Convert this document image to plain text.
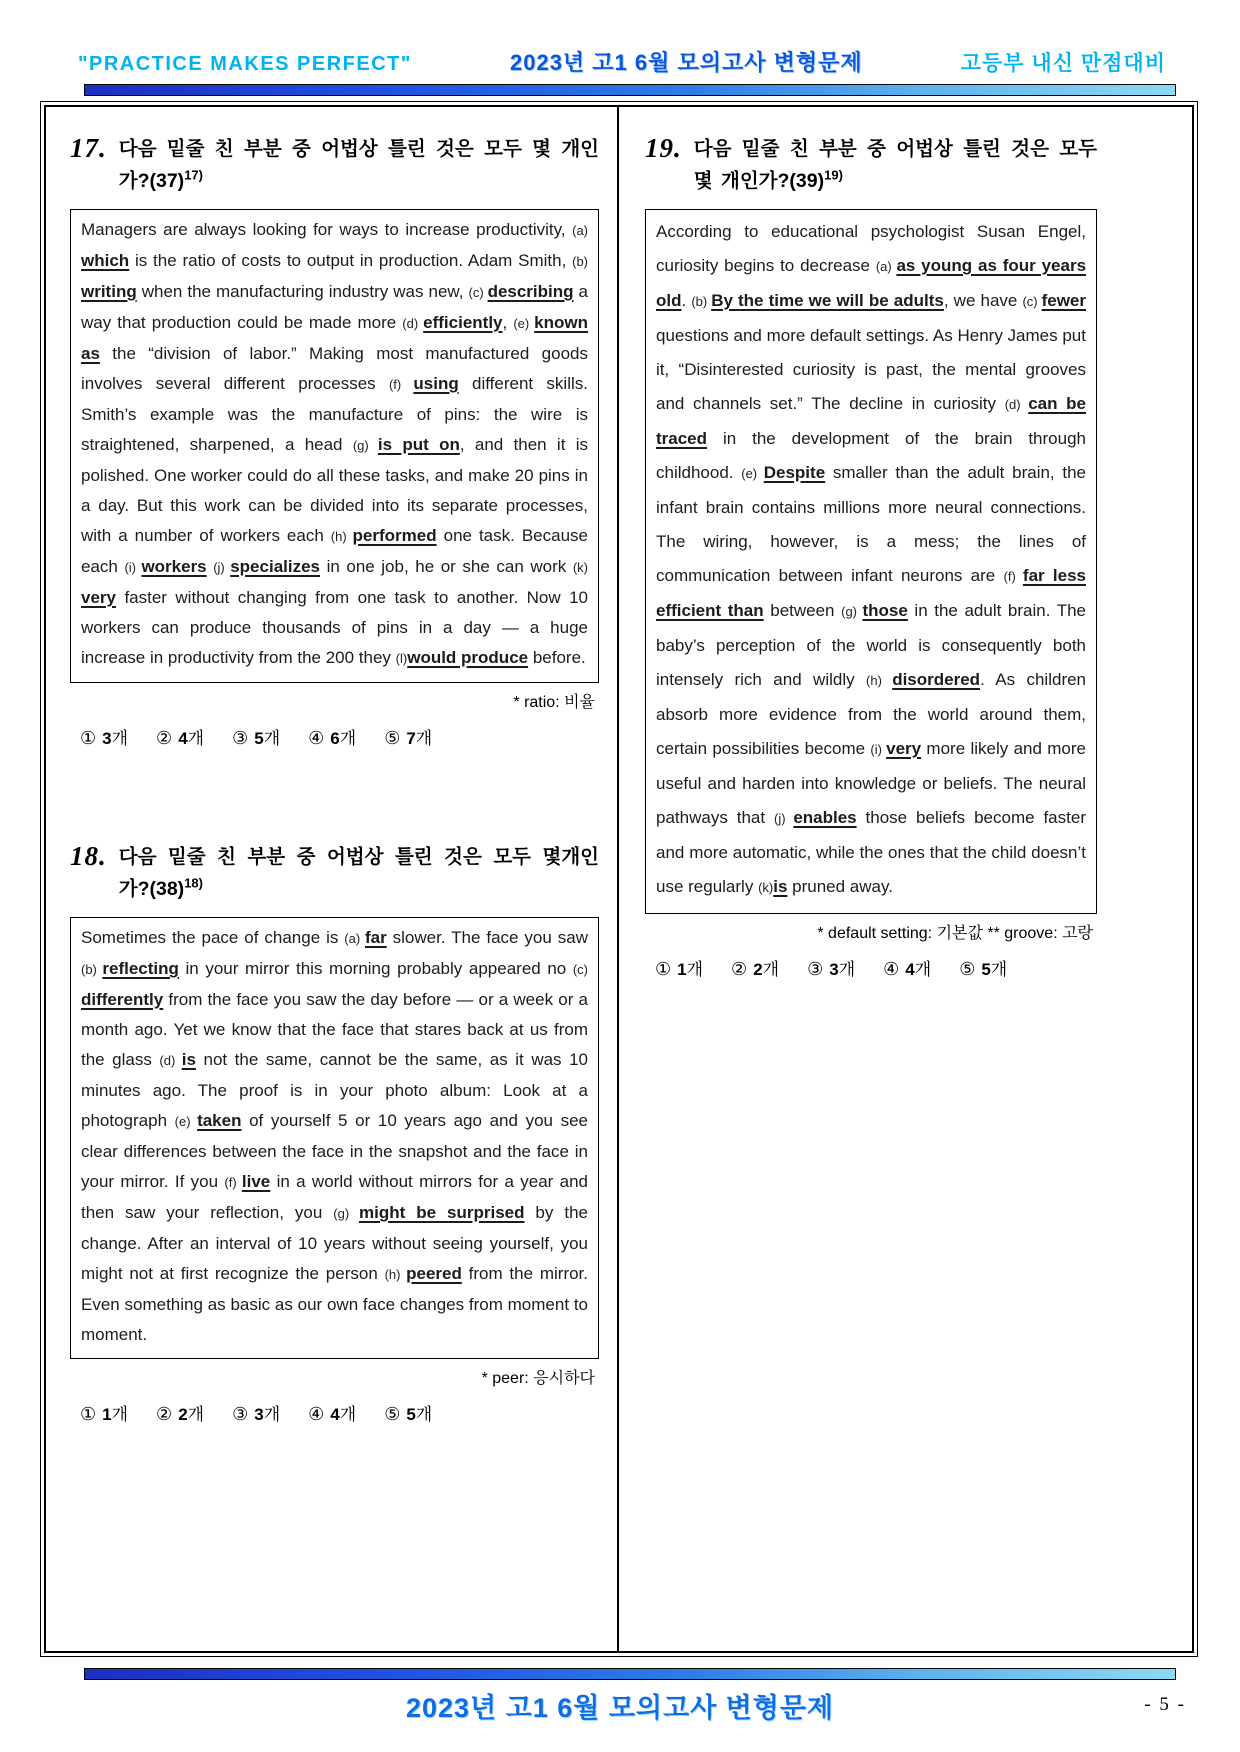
"PRACTICE MAKES PERFECT"	2023년 고1 6월 모의고사 변형문제	고등부 내신 만점대비
17. 다음 밑줄 친 부분 중 어법상 틀린 것은 모두 몇 개인가$?(37)^{17)}$
Managers are always looking for ways to increase productivity, (a) which is the ratio of costs to output in production. Adam Smith, (b) writing when the manufacturing industry was new, (c) describing a way that production could be made more (d) efficiently, (e) known as the “division of labor.” Making most manufactured goods involves several different processes (f) using different skills. Smith’s example was the manufacture of pins: the wire is straightened, sharpened, a head (g) is put on, and then it is polished. One worker could do all these tasks, and make 20 pins in a day. But this work can be divided into its separate processes, with a number of workers each (h) performed one task. Because each (i) workers (j) specializes in one job, he or she can work (k) very faster without changing from one task to another. Now 10 workers can produce thousands of pins in a day — a huge increase in productivity from the 200 they (l)would produce before.
* ratio: 비율
① 3개 ② 4개 ③ 5개 ④ 6개 ⑤ 7개
18. 다음 밑줄 친 부분 중 어법상 틀린 것은 모두 몇개인가$?(38)^{18)}$
Sometimes the pace of change is (a) far slower. The face you saw (b) reflecting in your mirror this morning probably appeared no (c) differently from the face you saw the day before — or a week or a month ago. Yet we know that the face that stares back at us from the glass (d) is not the same, cannot be the same, as it was 10 minutes ago. The proof is in your photo album: Look at a photograph (e) taken of yourself 5 or 10 years ago and you see clear differences between the face in the snapshot and the face in your mirror. If you (f) live in a world without mirrors for a year and then saw your reflection, you (g) might be surprised by the change. After an interval of 10 years without seeing yourself, you might not at first recognize the person (h) peered from the mirror. Even something as basic as our own face changes from moment to moment.
* peer: 응시하다
① 1개 ② 2개 ③ 3개 ④ 4개 ⑤ 5개
19. 다음 밑줄 친 부분 중 어법상 틀린 것은 모두 몇 개인가$?(39)^{19)}$
According to educational psychologist Susan Engel, curiosity begins to decrease (a) as young as four years old. (b) By the time we will be adults, we have (c) fewer questions and more default settings. As Henry James put it, “Disinterested curiosity is past, the mental grooves and channels set.” The decline in curiosity (d) can be traced in the development of the brain through childhood. (e) Despite smaller than the adult brain, the infant brain contains millions more neural connections. The wiring, however, is a mess; the lines of communication between infant neurons are (f) far less efficient than between (g) those in the adult brain. The baby’s perception of the world is consequently both intensely rich and wildly (h) disordered. As children absorb more evidence from the world around them, certain possibilities become (i) very more likely and more useful and harden into knowledge or beliefs. The neural pathways that (j) enables those beliefs become faster and more automatic, while the ones that the child doesn’t use regularly (k)is pruned away.
* default setting: 기본값 ** groove: 고랑
① 1개 ② 2개 ③ 3개 ④ 4개 ⑤ 5개
2023년 고1 6월 모의고사 변형문제	- 5 -
